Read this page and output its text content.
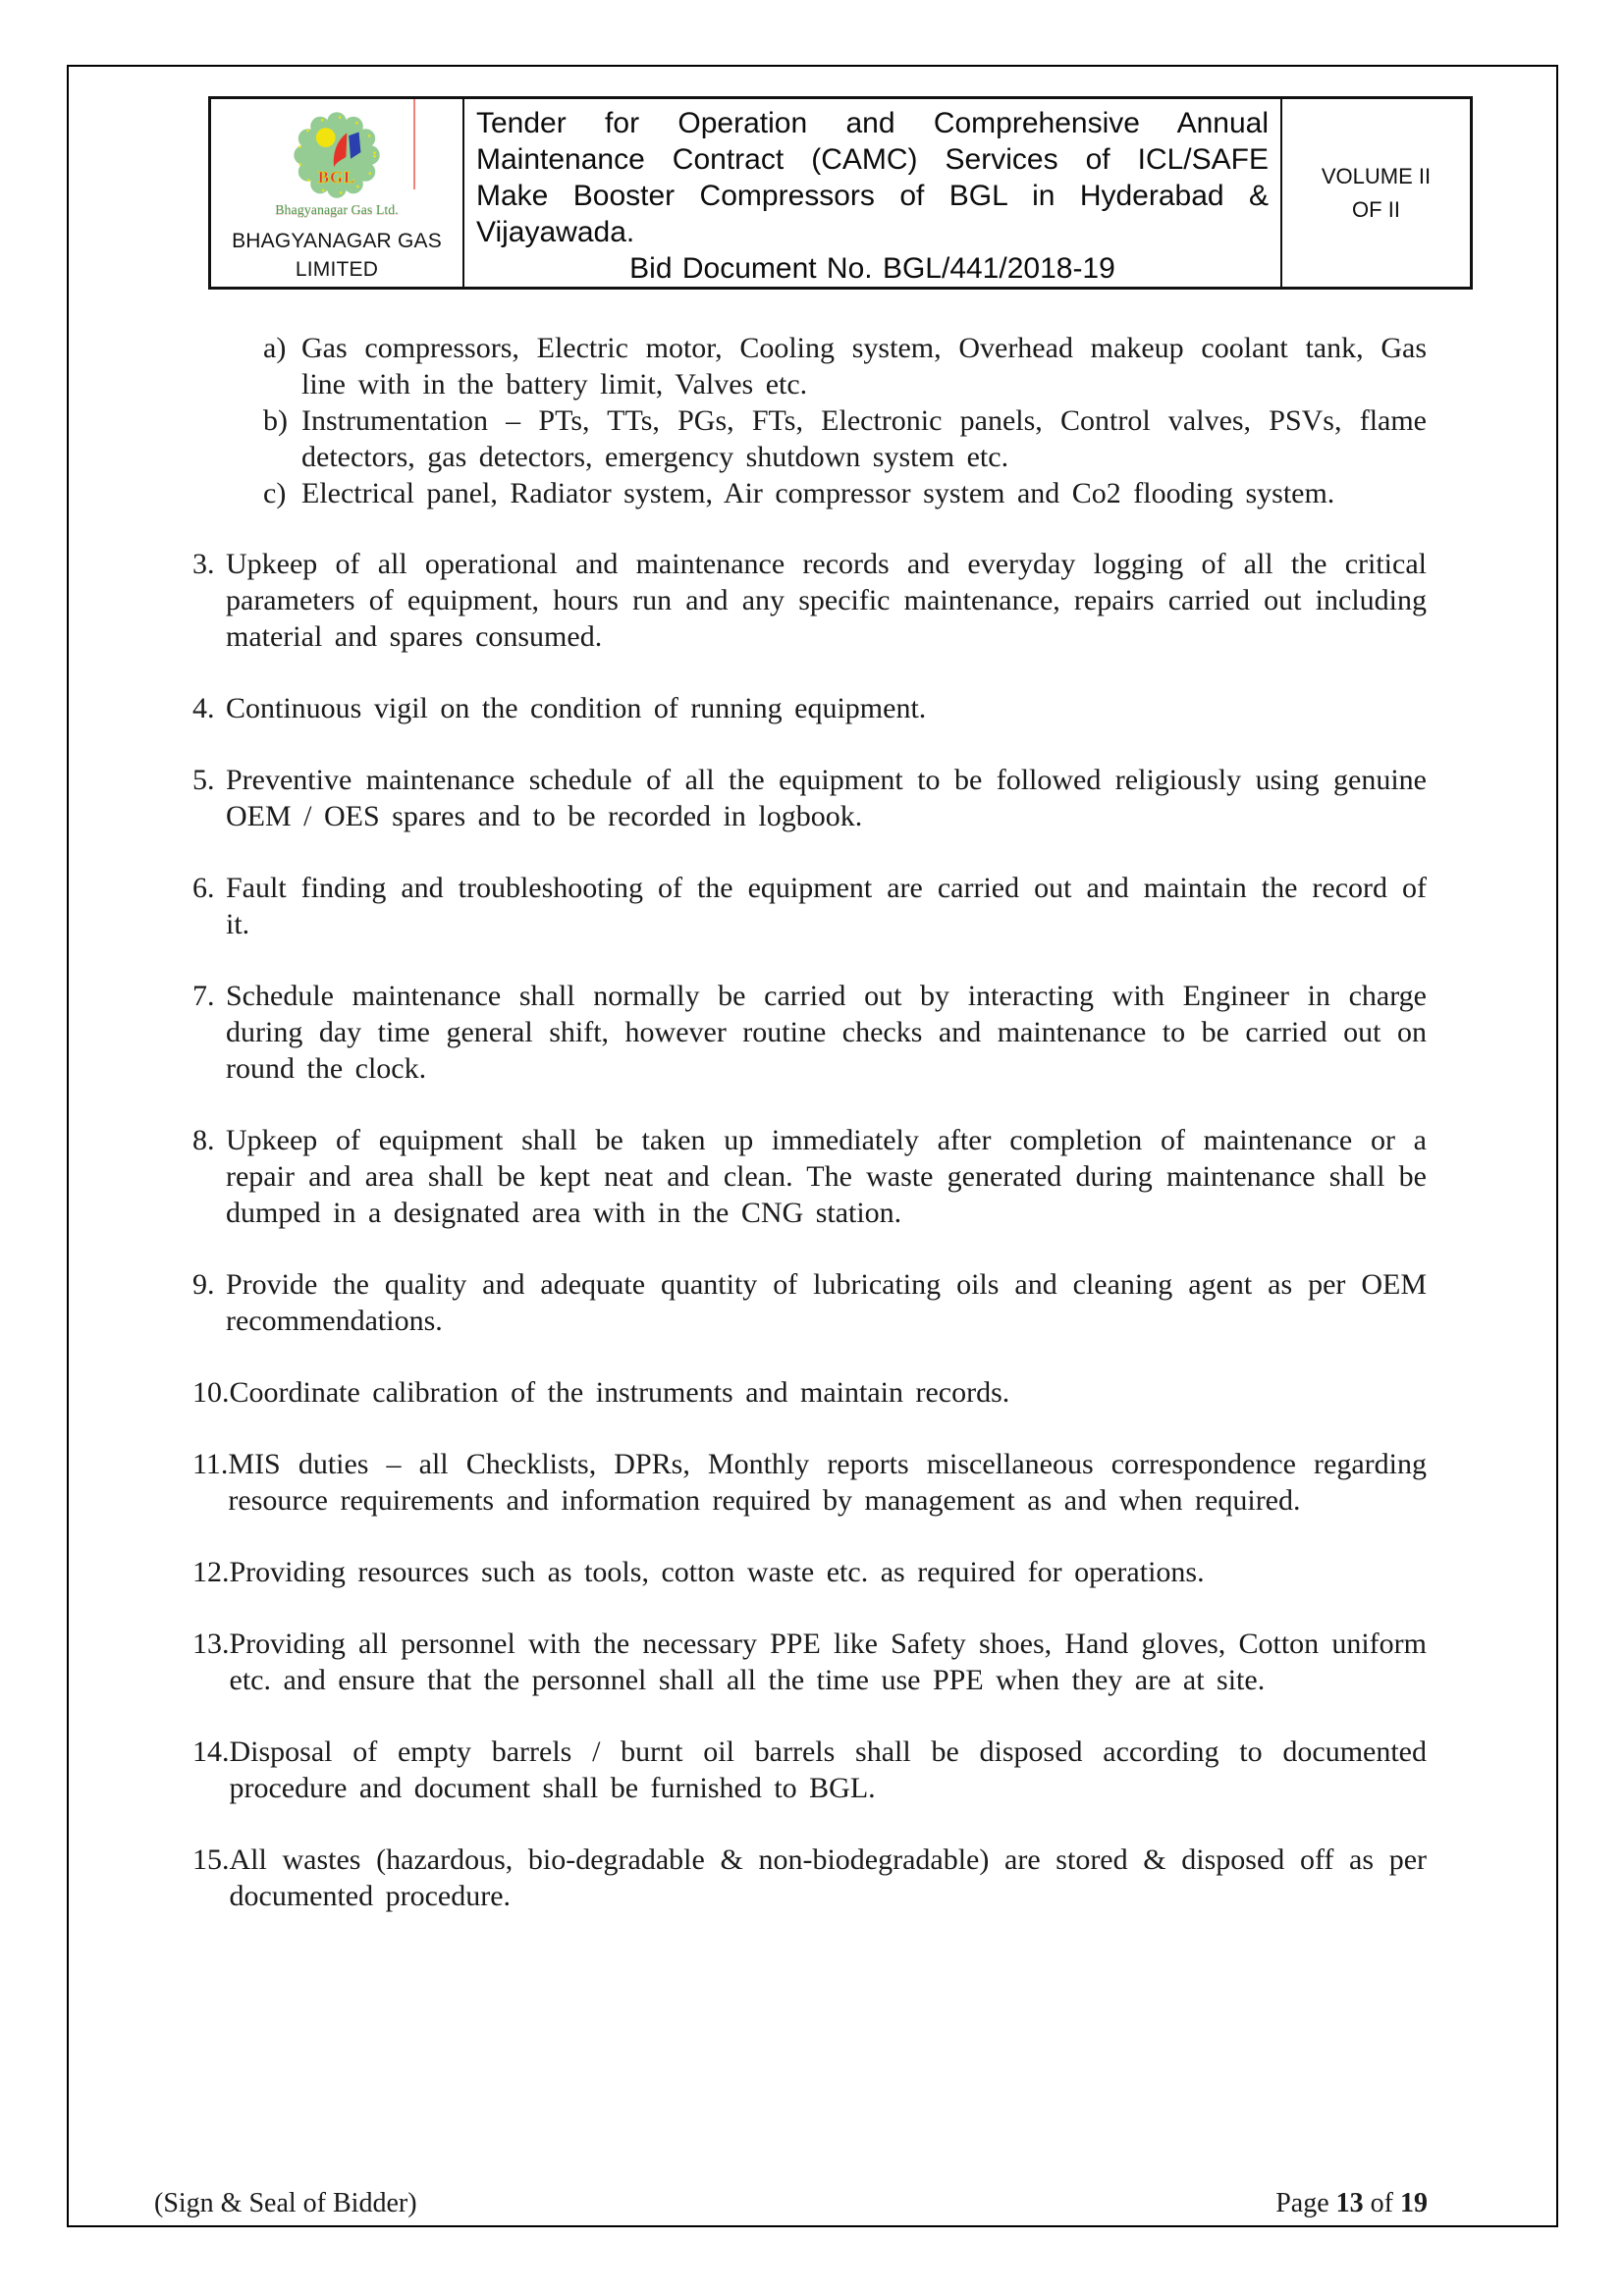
BGL
Bhagyanagar Gas Ltd.
BHAGYANAGAR GAS
LIMITED
Tender for Operation and Comprehensive Annual Maintenance Contract (CAMC) Services of ICL/SAFE Make Booster Compressors of BGL in Hyderabad & Vijayawada.
Bid Document No. BGL/441/2018-19
VOLUME II
OF II
a) Gas compressors, Electric motor, Cooling system, Overhead makeup coolant tank, Gas line with in the battery limit, Valves etc.
b) Instrumentation – PTs, TTs, PGs, FTs, Electronic panels, Control valves, PSVs, flame detectors, gas detectors, emergency shutdown system etc.
c) Electrical panel, Radiator system, Air compressor system and Co2 flooding system.
3. Upkeep of all operational and maintenance records and everyday logging of all the critical parameters of equipment, hours run and any specific maintenance, repairs carried out including material and spares consumed.
4. Continuous vigil on the condition of running equipment.
5. Preventive maintenance schedule of all the equipment to be followed religiously using genuine OEM / OES spares and to be recorded in logbook.
6. Fault finding and troubleshooting of the equipment are carried out and maintain the record of it.
7. Schedule maintenance shall normally be carried out by interacting with Engineer in charge during day time general shift, however routine checks and maintenance to be carried out on round the clock.
8. Upkeep of equipment shall be taken up immediately after completion of maintenance or a repair and area shall be kept neat and clean. The waste generated during maintenance shall be dumped in a designated area with in the CNG station.
9. Provide the quality and adequate quantity of lubricating oils and cleaning agent as per OEM recommendations.
10. Coordinate calibration of the instruments and maintain records.
11. MIS duties – all Checklists, DPRs, Monthly reports miscellaneous correspondence regarding resource requirements and information required by management as and when required.
12. Providing resources such as tools, cotton waste etc. as required for operations.
13. Providing all personnel with the necessary PPE like Safety shoes, Hand gloves, Cotton uniform etc. and ensure that the personnel shall all the time use PPE when they are at site.
14. Disposal of empty barrels / burnt oil barrels shall be disposed according to documented procedure and document shall be furnished to BGL.
15. All wastes (hazardous, bio-degradable & non-biodegradable) are stored & disposed off as per documented procedure.
(Sign & Seal of Bidder)	Page 13 of 19
